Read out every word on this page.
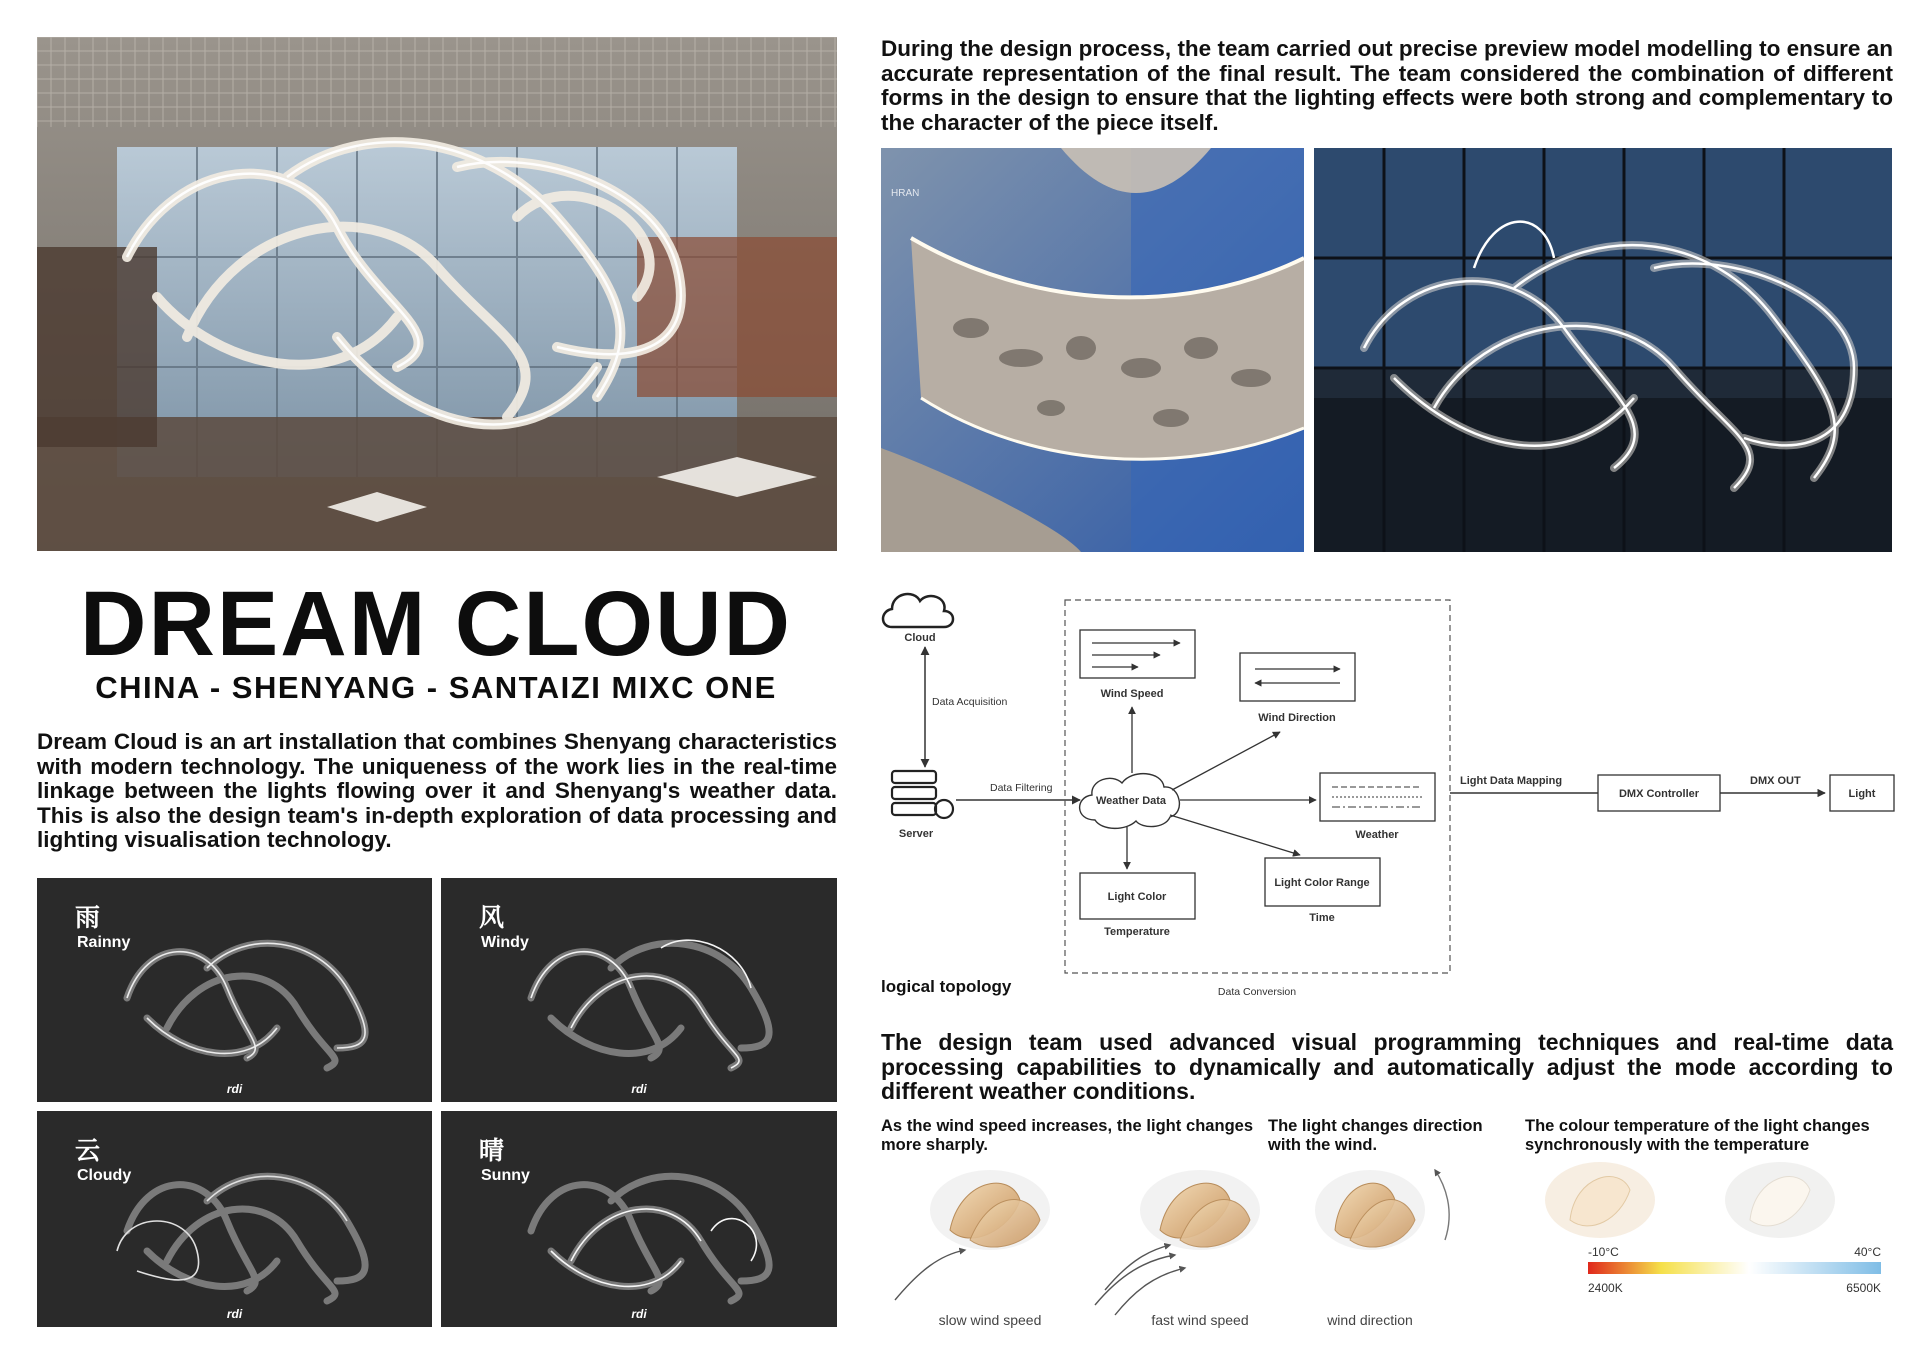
HRAN
During the design process, the team carried out precise preview model modelling to ensure an accurate representation of the final result. The team considered the combination of different forms in the design to ensure that the lighting effects were both strong and complementary to the character of the piece itself.
DREAM CLOUD
CHINA - SHENYANG - SANTAIZI MIXC ONE
Dream Cloud is an art installation that combines Shenyang characteristics with modern technology. The uniqueness of the work lies in the real-time linkage between the lights flowing over it and Shenyang's weather data. This is also the design team's in-depth exploration of data processing and lighting visualisation technology.
雨
Rainny
rdi
风
Windy
rdi
云
Cloudy
rdi
晴
Sunny
rdi
Cloud
Data Acquisition
Server
Data Filtering
Data Conversion
Weather Data
Wind Speed
Wind Direction
Weather
Light Color
Temperature
Light Color Range
Time
Light Data Mapping
DMX Controller
DMX OUT
Light
logical topology
The design team used advanced visual programming techniques and real-time data processing capabilities to dynamically and automatically adjust the mode according to different weather conditions.
As the wind speed increases, the light changes more sharply.
The light changes direction with the wind.
The colour temperature of the light changes synchronously with the temperature
slow wind speed	fast wind speed	wind direction
-10°C	40°C
2400K	6500K
